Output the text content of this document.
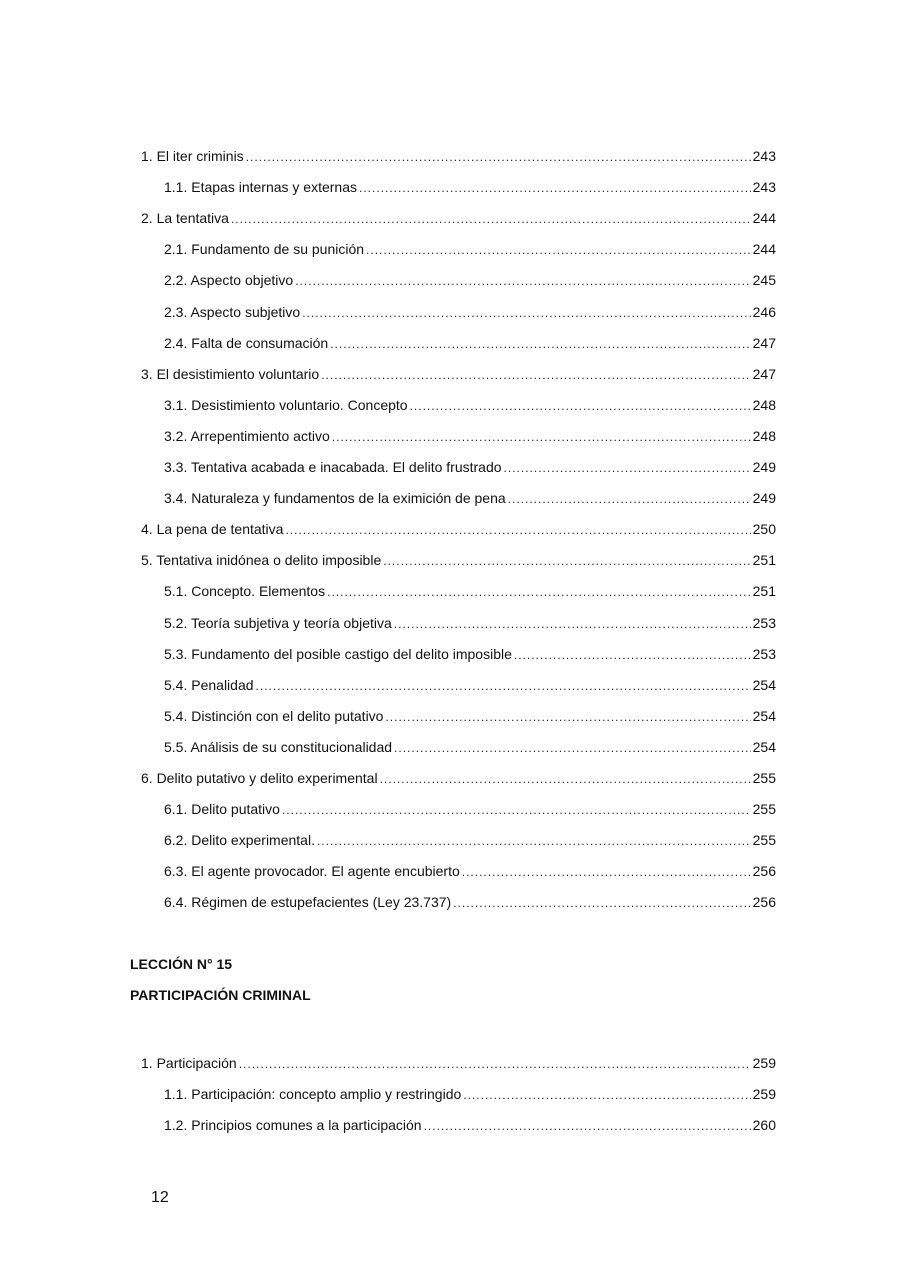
1. El iter criminis .....	243
1.1. Etapas internas y externas .....	243
2. La tentativa .....	244
2.1. Fundamento de su punición .....	244
2.2. Aspecto objetivo .....	245
2.3. Aspecto subjetivo .....	246
2.4. Falta de consumación .....	247
3. El desistimiento voluntario .....	247
3.1. Desistimiento voluntario. Concepto .....	248
3.2. Arrepentimiento activo .....	248
3.3. Tentativa acabada e inacabada. El delito frustrado .....	249
3.4. Naturaleza y fundamentos de la eximición de pena .....	249
4. La pena de tentativa .....	250
5. Tentativa inidónea o delito imposible .....	251
5.1. Concepto. Elementos .....	251
5.2. Teoría subjetiva y teoría objetiva .....	253
5.3. Fundamento del posible castigo del delito imposible .....	253
5.4. Penalidad .....	254
5.4. Distinción con el delito putativo .....	254
5.5. Análisis de su constitucionalidad .....	254
6. Delito putativo y delito experimental .....	255
6.1. Delito putativo .....	255
6.2. Delito experimental. .....	255
6.3. El agente provocador. El agente encubierto .....	256
6.4. Régimen de estupefacientes (Ley 23.737) .....	256
1. Participación .....	259
1.1. Participación: concepto amplio y restringido .....	259
1.2. Principios comunes a la participación .....	260
LECCIÓN N° 15
PARTICIPACIÓN CRIMINAL
12
